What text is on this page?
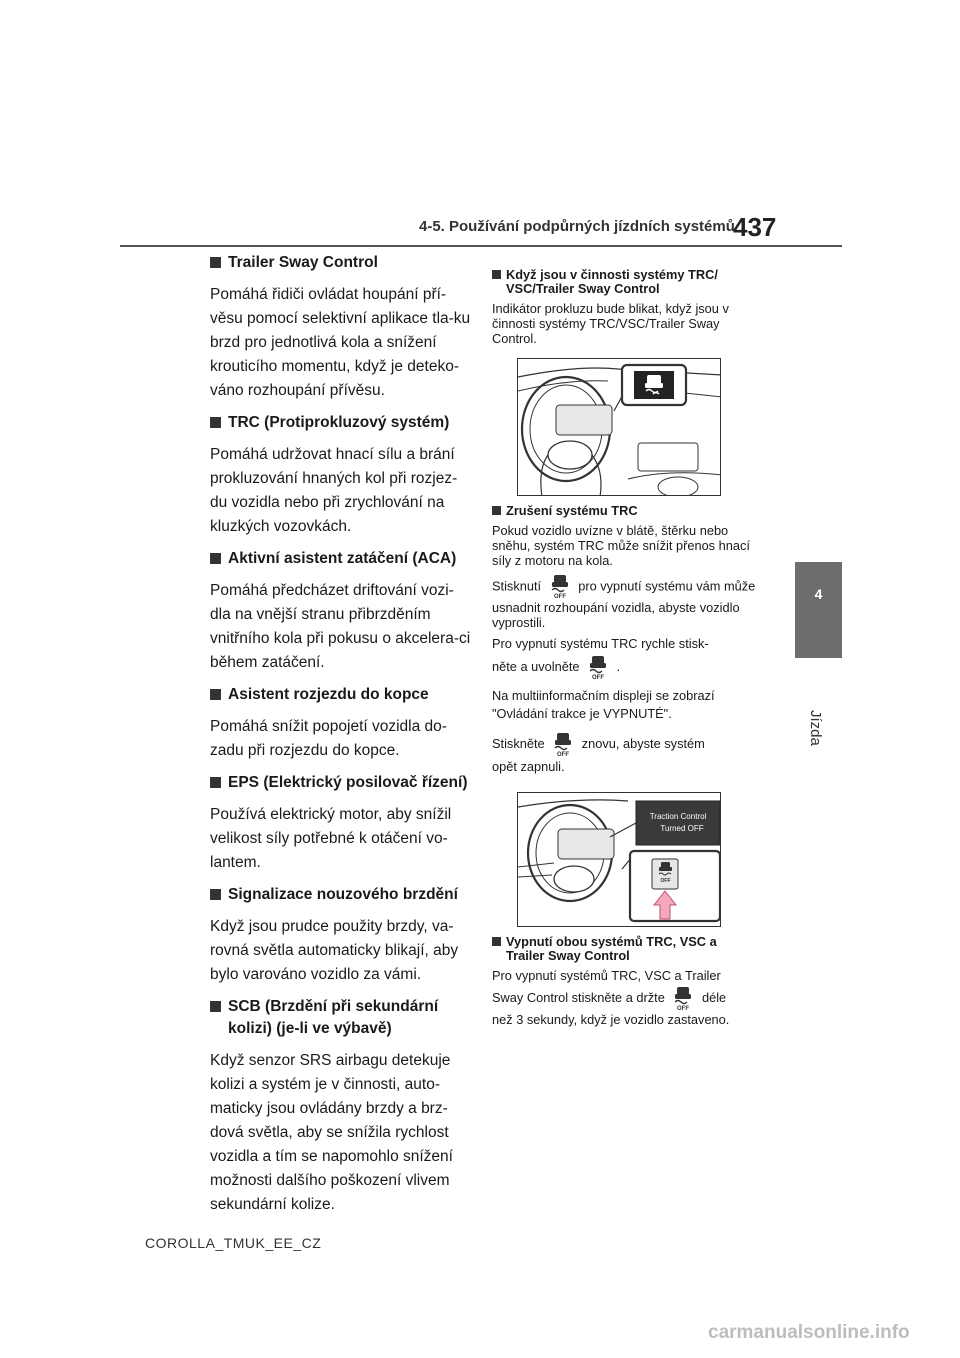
4-5. Používání podpůrných jízdních systémů
437
4
Jízda
Trailer Sway Control

Pomáhá řidiči ovládat houpání pří-věsu pomocí selektivní aplikace tla-ku brzd pro jednotlivá kola a snížení krouticího momentu, když je deteko-váno rozhoupání přívěsu.

TRC (Protiprokluzový systém)

Pomáhá udržovat hnací sílu a brání prokluzování hnaných kol při rozjez-du vozidla nebo při zrychlování na kluzkých vozovkách.

Aktivní asistent zatáčení (ACA)

Pomáhá předcházet driftování vozi-dla na vnější stranu přibrzděním vnitřního kola při pokusu o akcelera-ci během zatáčení.

Asistent rozjezdu do kopce

Pomáhá snížit popojetí vozidla do-zadu při rozjezdu do kopce.

EPS (Elektrický posilovač řízení)

Používá elektrický motor, aby snížil velikost síly potřebné k otáčení vo-lantem.

Signalizace nouzového brzdění

Když jsou prudce použity brzdy, va-rovná světla automaticky blikají, aby bylo varováno vozidlo za vámi.

SCB (Brzdění při sekundární kolizi) (je-li ve výbavě)

Když senzor SRS airbagu detekuje kolizi a systém je v činnosti, auto-maticky jsou ovládány brzdy a brz-dová světla, aby se snížila rychlost vozidla a tím se napomohlo snížení možnosti dalšího poškození vlivem sekundární kolize.

Když jsou v činnosti systémy TRC/ VSC/Trailer Sway Control

Indikátor prokluzu bude blikat, když jsou v činnosti systémy TRC/VSC/Trailer Sway Control.

Zrušení systému TRC

Pokud vozidlo uvízne v blátě, štěrku nebo sněhu, systém TRC může snížit přenos hnací síly z motoru na kola.

Stisknutí
OFF
pro vypnutí systému vám může usnadnit rozhoupání vozidla, abyste vozidlo vyprostili.

Pro vypnutí systému TRC rychle stisk-

něte a uvolněte
OFF
.

Na multiinformačním displeji se zobrazí "Ovládání trakce je VYPNUTÉ".

Stiskněte
OFF
znovu, abyste systém

opět zapnuli.

Traction Control
Turned OFF
OFF
Vypnutí obou systémů TRC, VSC a Trailer Sway Control

Pro vypnutí systémů TRC, VSC a Trailer

Sway Control stiskněte a držte
OFF
déle

než 3 sekundy, když je vozidlo zastaveno.

COROLLA_TMUK_EE_CZ
carmanualsonline.info
